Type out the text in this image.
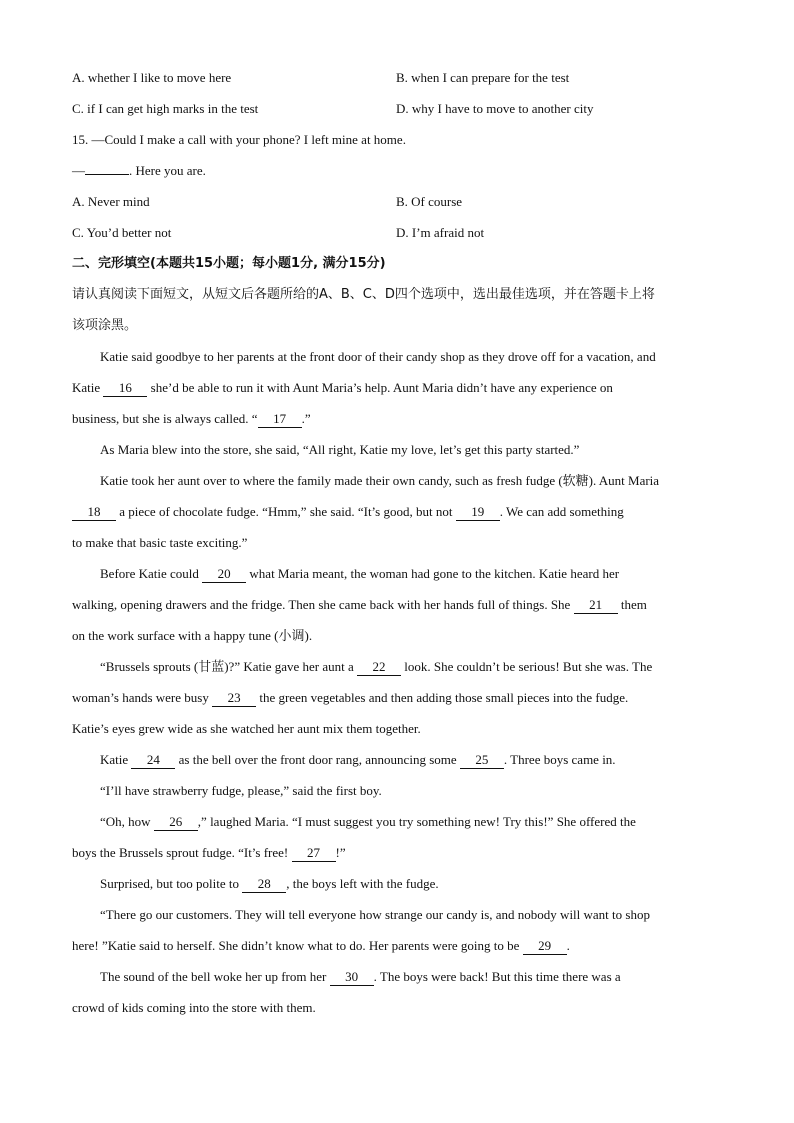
A. whether I like to move here	B. when I can prepare for the test
C. if I can get high marks in the test	D. why I have to move to another city
15. —Could I make a call with your phone? I left mine at home.
—	. Here you are.
A. Never mind	B. Of course
C. You’d better not	D. I’m afraid not
二、完形填空(本题共15小题；每小题1分, 满分15分)
请认真阅读下面短文，从短文后各题所给的A、B、C、D四个选项中，选出最佳选项，并在答题卡上将
该项涂黑。
Katie said goodbye to her parents at the front door of their candy shop as they drove off for a vacation, and
Katie 16 she’d be able to run it with Aunt Maria’s help. Aunt Maria didn’t have any experience on
business, but she is always called. “ 17 .”
As Maria blew into the store, she said, “All right, Katie my love, let’s get this party started.”
Katie took her aunt over to where the family made their own candy, such as fresh fudge (软糖). Aunt Maria
18 a piece of chocolate fudge. “Hmm,” she said. “It’s good, but not 19 . We can add something
to make that basic taste exciting.”
Before Katie could 20 what Maria meant, the woman had gone to the kitchen. Katie heard her
walking, opening drawers and the fridge. Then she came back with her hands full of things. She 21 them
on the work surface with a happy tune (小调).
“Brussels sprouts (甘蓝)?” Katie gave her aunt a 22 look. She couldn’t be serious! But she was. The
woman’s hands were busy 23 the green vegetables and then adding those small pieces into the fudge.
Katie’s eyes grew wide as she watched her aunt mix them together.
Katie 24 as the bell over the front door rang, announcing some 25 . Three boys came in.
“I’ll have strawberry fudge, please,” said the first boy.
“Oh, how 26 ,” laughed Maria. “I must suggest you try something new! Try this!” She offered the
boys the Brussels sprout fudge. “It’s free! 27 !”
Surprised, but too polite to 28 , the boys left with the fudge.
“There go our customers. They will tell everyone how strange our candy is, and nobody will want to shop
here! ”Katie said to herself. She didn’t know what to do. Her parents were going to be 29 .
The sound of the bell woke her up from her 30 . The boys were back! But this time there was a
crowd of kids coming into the store with them.
